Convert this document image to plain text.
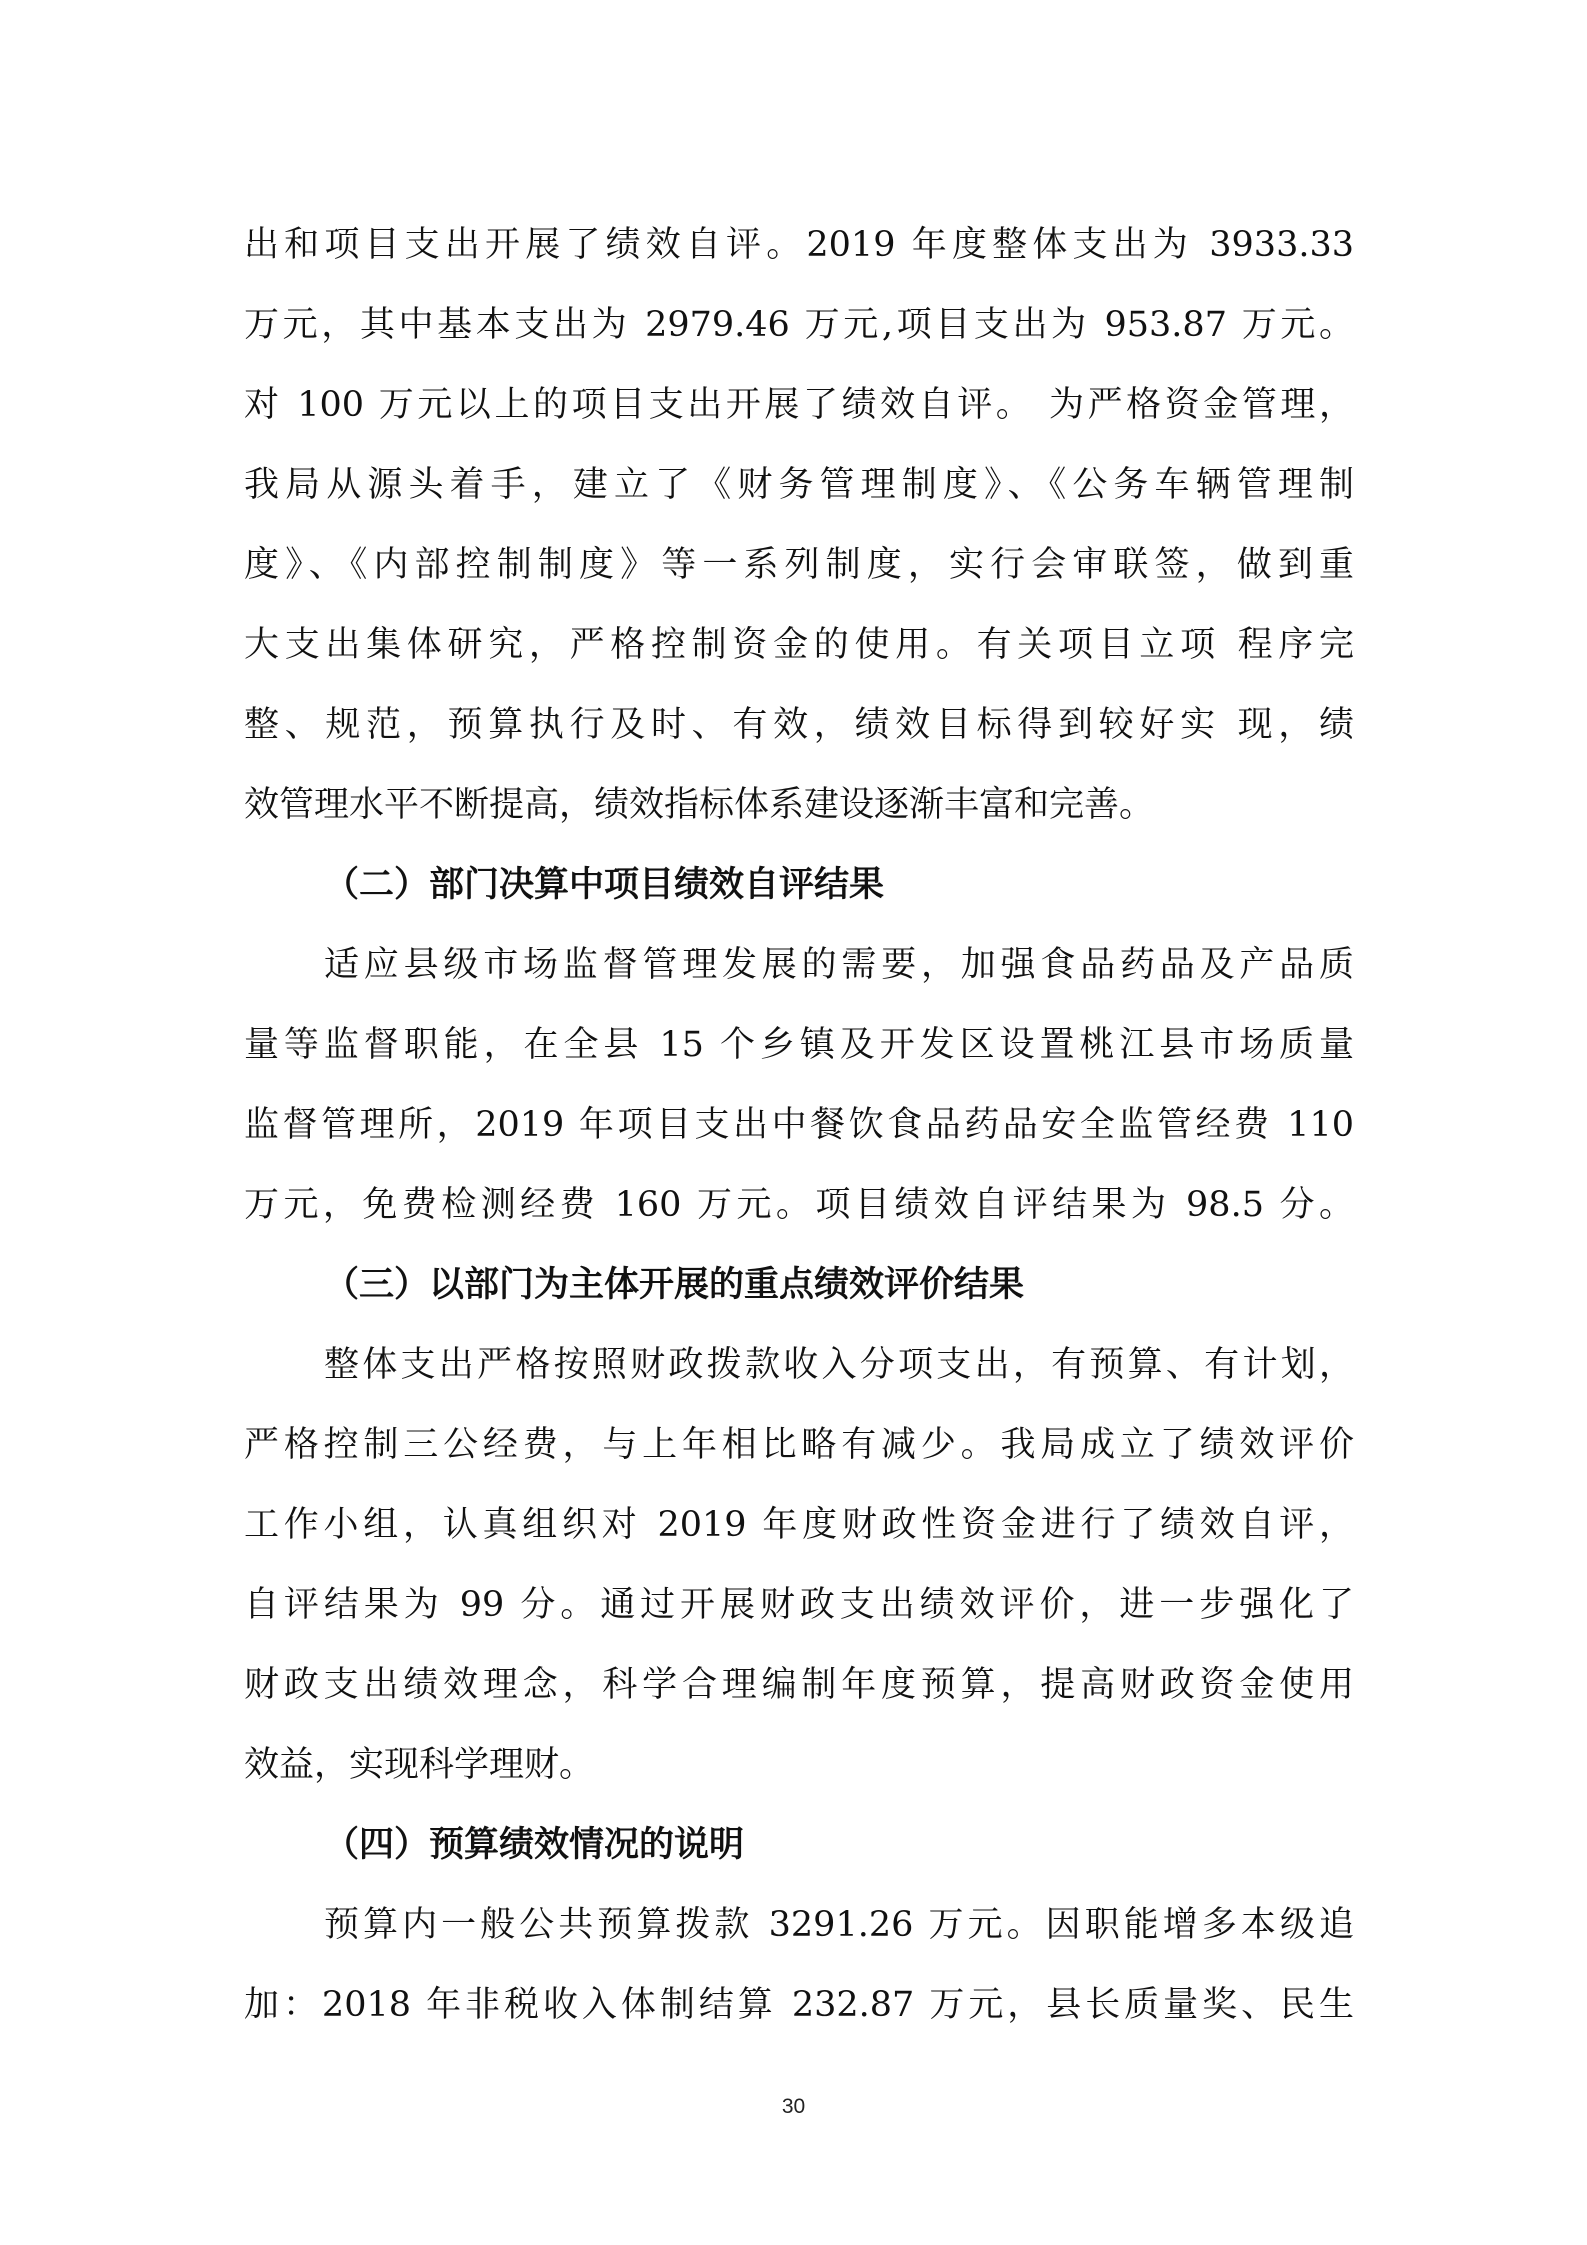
出和项目支出开展了绩效自评。2019 年度整体支出为 3933.33
万元，其中基本支出为 2979.46 万元,项目支出为 953.87 万元。
对 100 万元以上的项目支出开展了绩效自评。 为严格资金管理，
我局从源头着手，建立了《财务管理制度》、《公务车辆管理制
度》、《内部控制制度》等一系列制度，实行会审联签，做到重
大支出集体研究，严格控制资金的使用。有关项目立项 程序完
整、规范，预算执行及时、有效，绩效目标得到较好实 现，绩
效管理水平不断提高，绩效指标体系建设逐渐丰富和完善。
（二）部门决算中项目绩效自评结果
适应县级市场监督管理发展的需要，加强食品药品及产品质
量等监督职能，在全县 15 个乡镇及开发区设置桃江县市场质量
监督管理所，2019 年项目支出中餐饮食品药品安全监管经费 110
万元，免费检测经费 160 万元。项目绩效自评结果为 98.5 分。
（三）以部门为主体开展的重点绩效评价结果
整体支出严格按照财政拨款收入分项支出，有预算、有计划，
严格控制三公经费，与上年相比略有减少。我局成立了绩效评价
工作小组，认真组织对 2019 年度财政性资金进行了绩效自评，
自评结果为 99 分。通过开展财政支出绩效评价，进一步强化了
财政支出绩效理念，科学合理编制年度预算，提高财政资金使用
效益，实现科学理财。
（四）预算绩效情况的说明
预算内一般公共预算拨款 3291.26 万元。因职能增多本级追
加：2018 年非税收入体制结算 232.87 万元，县长质量奖、民生
30
